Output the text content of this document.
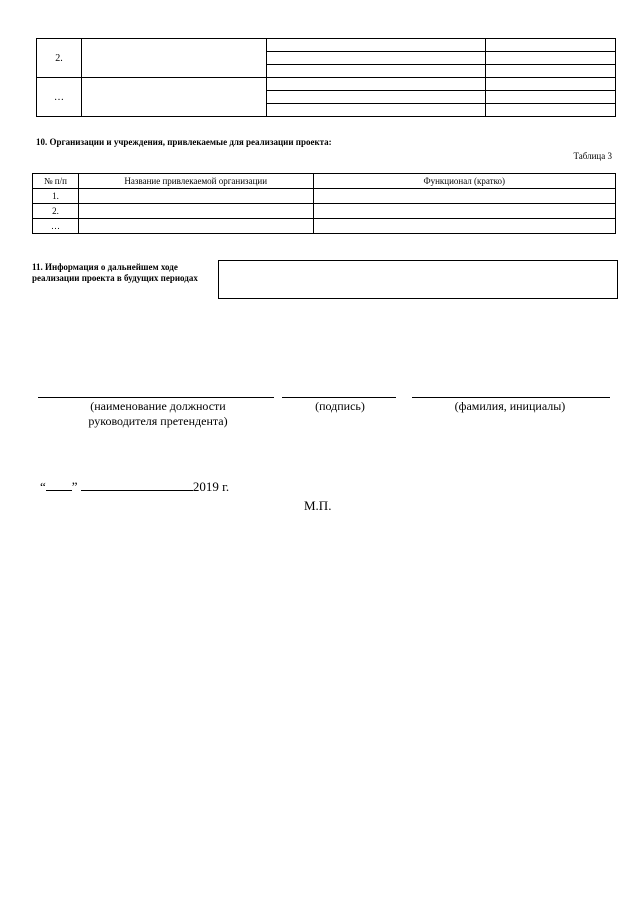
2.			

…			

10. Организации и учреждения, привлекаемые для реализации проекта:
Таблица 3
№ п/п	Название привлекаемой организации	Функционал (кратко)
1.		
2.		
…		
11. Информация о дальнейшем ходе реализации проекта в будущих периодах
(наименование должности руководителя претендента)
(подпись)	(фамилия, инициалы)
“ ”	2019 г.
М.П.
